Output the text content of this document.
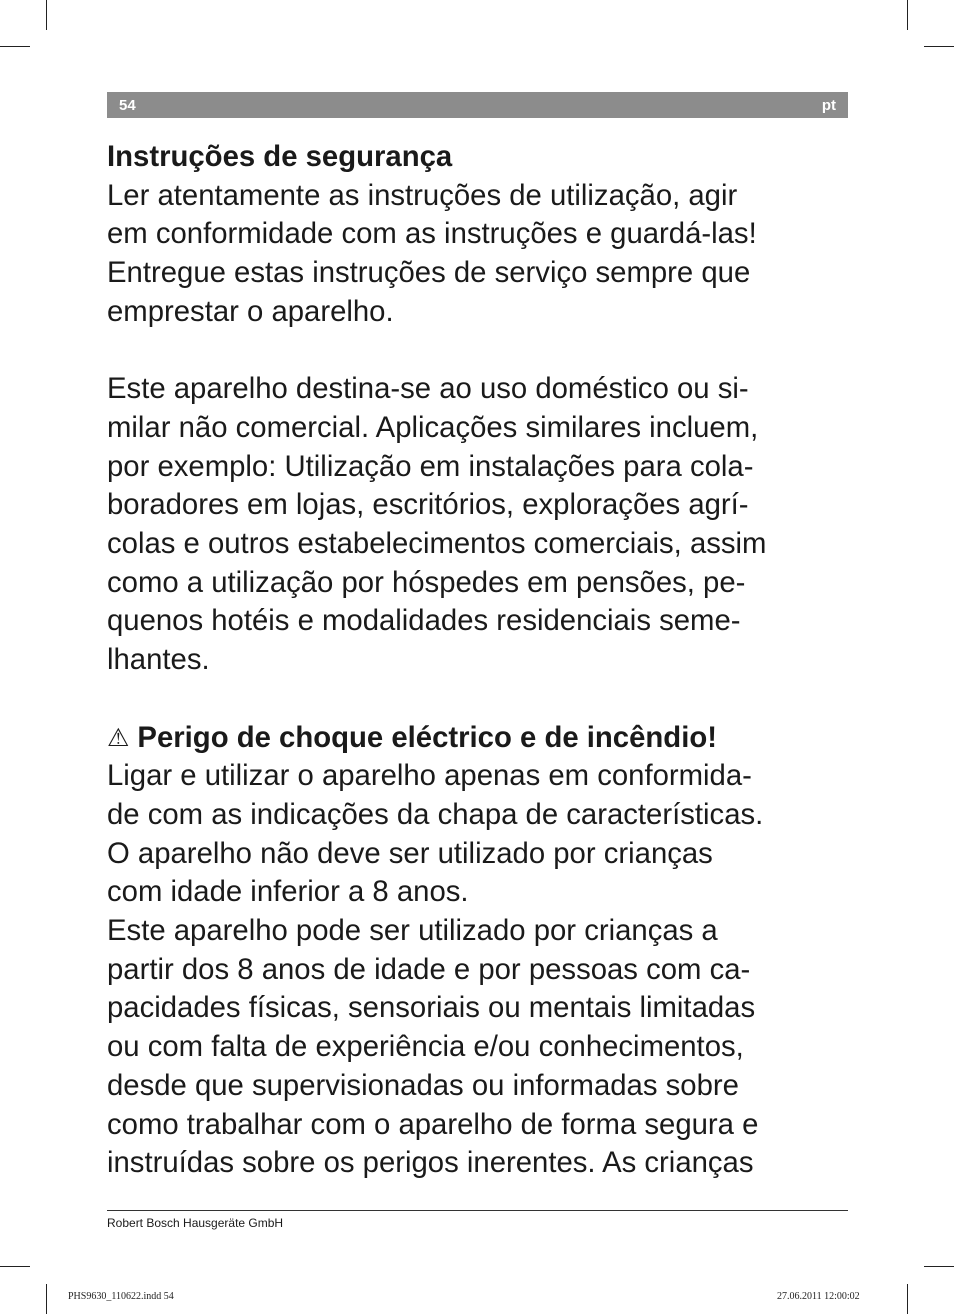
54	pt

Instruções de segurança

Ler atentamente as instruções de utilização, agir

em conformidade com as instruções e guardá-las!

Entregue estas instruções de serviço sempre que

emprestar o aparelho.

Este aparelho destina-se ao uso doméstico ou si-

milar não comercial. Aplicações similares incluem,

por exemplo: Utilização em instalações para cola-

boradores em lojas, escritórios, explorações agrí-

colas e outros estabelecimentos comerciais, assim

como a utilização por hóspedes em pensões, pe-

quenos hotéis e modalidades residenciais seme-

lhantes.

⚠ Perigo de choque eléctrico e de incêndio!

Ligar e utilizar o aparelho apenas em conformida-

de com as indicações da chapa de características.

O aparelho não deve ser utilizado por crianças

com idade inferior a 8 anos.

Este aparelho pode ser utilizado por crianças a

partir dos 8 anos de idade e por pessoas com ca-

pacidades físicas, sensoriais ou mentais limitadas

ou com falta de experiência e/ou conhecimentos,

desde que supervisionadas ou informadas sobre

como trabalhar com o aparelho de forma segura e

instruídas sobre os perigos inerentes. As crianças

Robert Bosch Hausgeräte GmbH
PHS9630_110622.indd 54	27.06.2011 12:00:02
